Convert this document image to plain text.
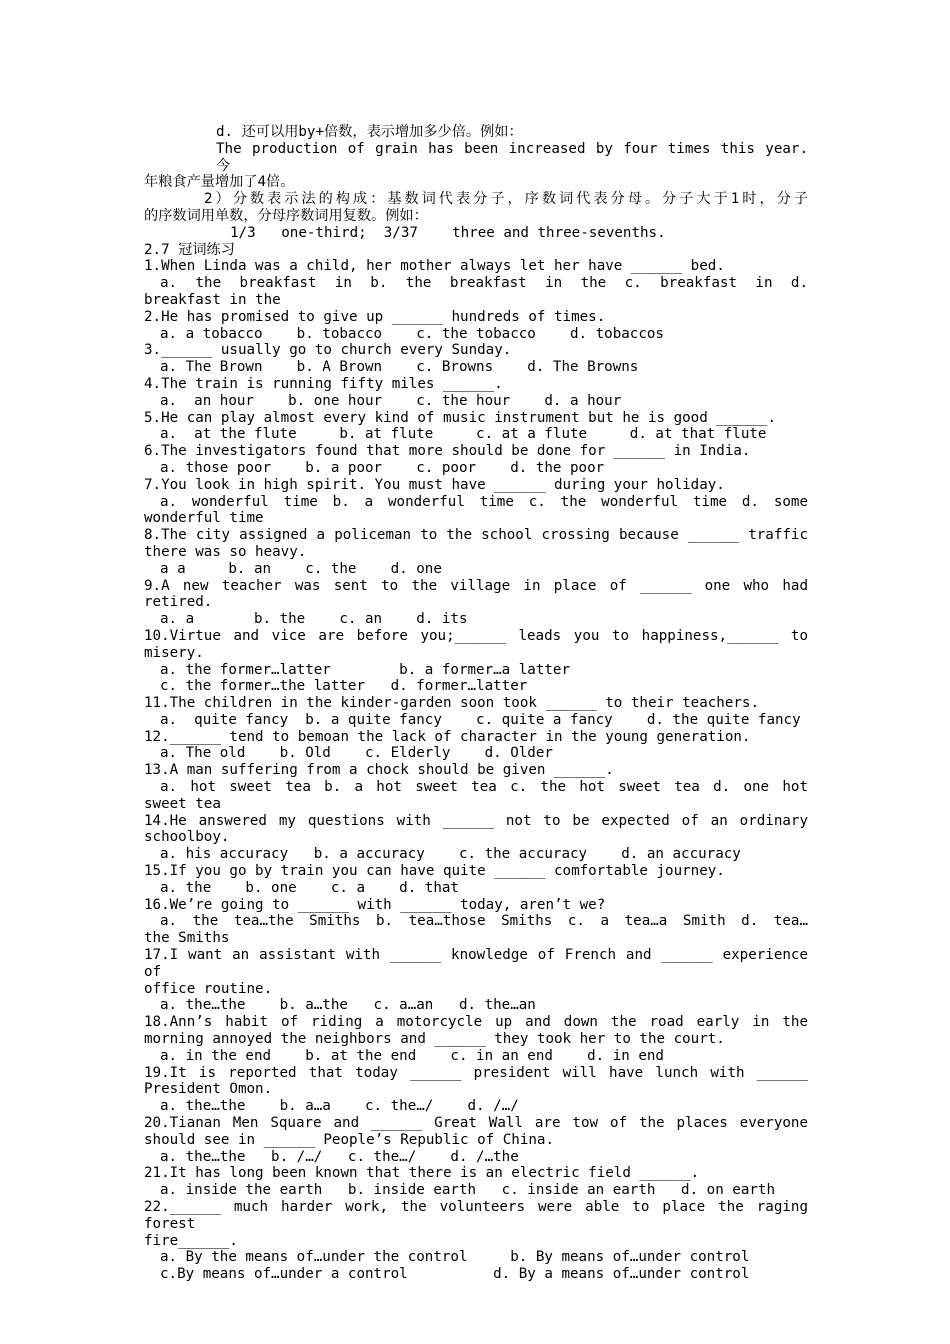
d. 还可以用by+倍数，表示增加多少倍。例如：

The production of grain has been increased by four times this year. 今

年粮食产量增加了4倍。

2）分数表示法的构成：基数词代表分子，序数词代表分母。分子大于1时，分子

的序数词用单数，分母序数词用复数。例如：

1/3   one-third;  3/37    three and three-sevenths.

2.7 冠词练习

1.When Linda was a child, her mother always let her have ______ bed.

a. the breakfast in b. the breakfast in the c. breakfast in d.

breakfast in the

2.He has promised to give up ______ hundreds of times.

a. a tobacco    b. tobacco    c. the tobacco    d. tobaccos

3.______ usually go to church every Sunday.

a. The Brown    b. A Brown    c. Browns    d. The Browns

4.The train is running fifty miles ______.

a.  an hour    b. one hour    c. the hour    d. a hour

5.He can play almost every kind of music instrument but he is good ______.

a.  at the flute     b. at flute     c. at a flute     d. at that flute

6.The investigators found that more should be done for ______ in India.

a. those poor    b. a poor    c. poor    d. the poor

7.You look in high spirit. You must have ______ during your holiday.

a. wonderful time b. a wonderful time c. the wonderful time d. some

wonderful time

8.The city assigned a policeman to the school crossing because ______ traffic

there was so heavy.

a a     b. an    c. the    d. one

9.A new teacher was sent to the village in place of ______ one who had retired.

a. a       b. the    c. an    d. its

10.Virtue and vice are before you;______ leads you to happiness,______ to

misery.

a. the former…latter        b. a former…a latter

c. the former…the latter   d. former…latter

11.The children in the kinder-garden soon took ______ to their teachers.

a.  quite fancy  b. a quite fancy    c. quite a fancy    d. the quite fancy

12.______ tend to bemoan the lack of character in the young generation.

a. The old    b. Old    c. Elderly    d. Older

13.A man suffering from a chock should be given ______.

a. hot sweet tea b. a hot sweet tea c. the hot sweet tea d. one hot

sweet tea

14.He answered my questions with ______ not to be expected of an ordinary

schoolboy.

a. his accuracy   b. a accuracy    c. the accuracy    d. an accuracy

15.If you go by train you can have quite ______ comfortable journey.

a. the    b. one    c. a    d. that

16.We’re going to ______ with ______ today, aren’t we?

a. the tea…the Smiths b. tea…those Smiths c. a tea…a Smith d. tea…

the Smiths

17.I want an assistant with ______ knowledge of French and ______ experience of

office routine.

a. the…the    b. a…the   c. a…an   d. the…an

18.Ann’s habit of riding a motorcycle up and down the road early in the

morning annoyed the neighbors and ______ they took her to the court.

a. in the end    b. at the end    c. in an end    d. in end

19.It is reported that today ______ president will have lunch with ______

President Omon.

a. the…the    b. a…a    c. the…/    d. /…/

20.Tianan Men Square and ______ Great Wall are tow of the places everyone

should see in ______ People’s Republic of China.

a. the…the   b. /…/   c. the…/    d. /…the

21.It has long been known that there is an electric field ______.

a. inside the earth   b. inside earth   c. inside an earth   d. on earth

22.______ much harder work, the volunteers were able to place the raging forest

fire______.

a. By the means of…under the control     b. By means of…under control

c.By means of…under a control          d. By a means of…under control
